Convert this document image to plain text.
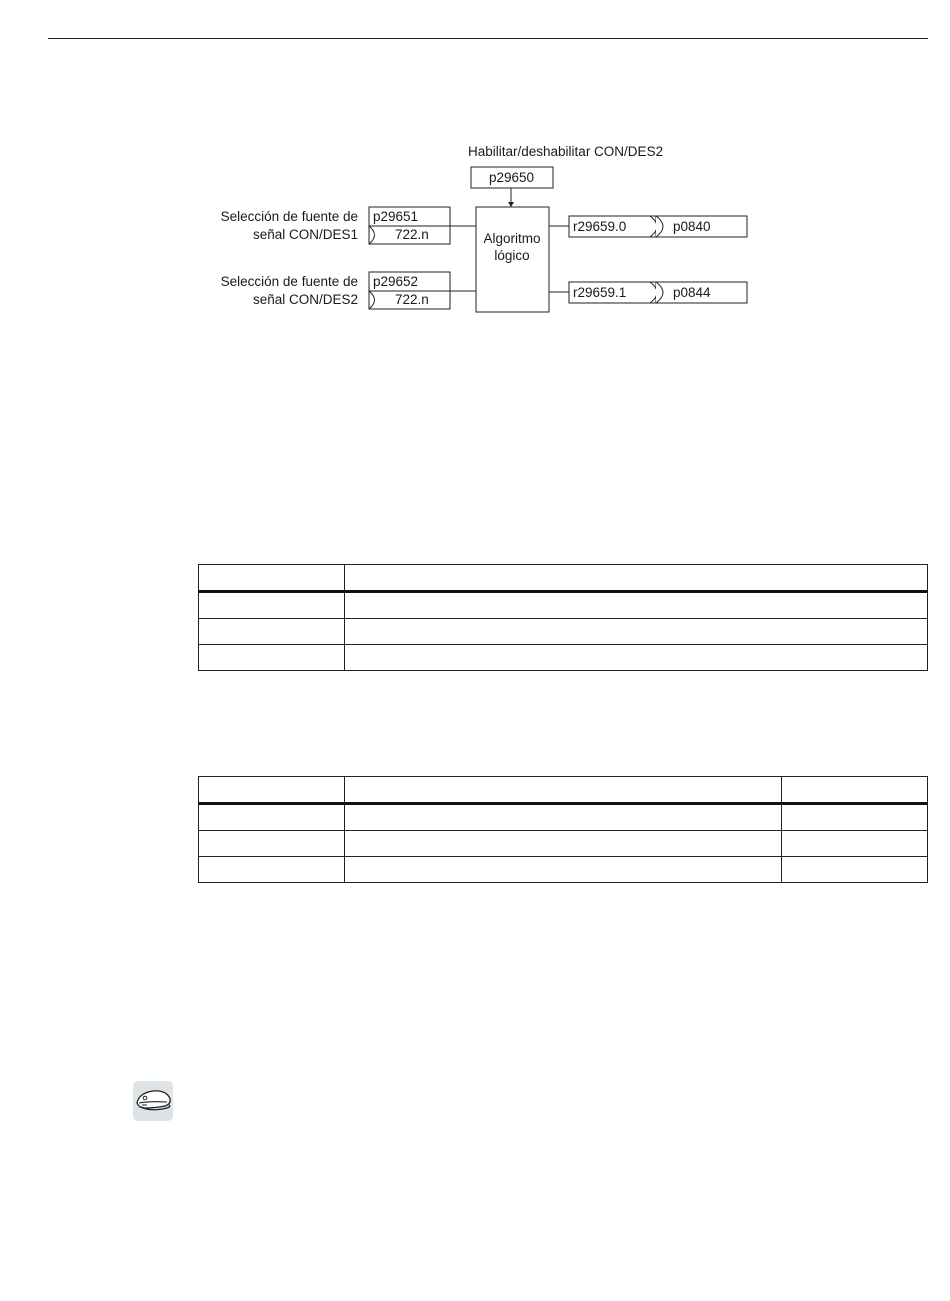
Habilitar/deshabilitar CON/DES2
p29650
Algoritmo
lógico
Selección de fuente de
señal CON/DES1
p29651
722.n
Selección de fuente de
señal CON/DES2
p29652
722.n
r29659.0	p0840
r29659.1	p0844
